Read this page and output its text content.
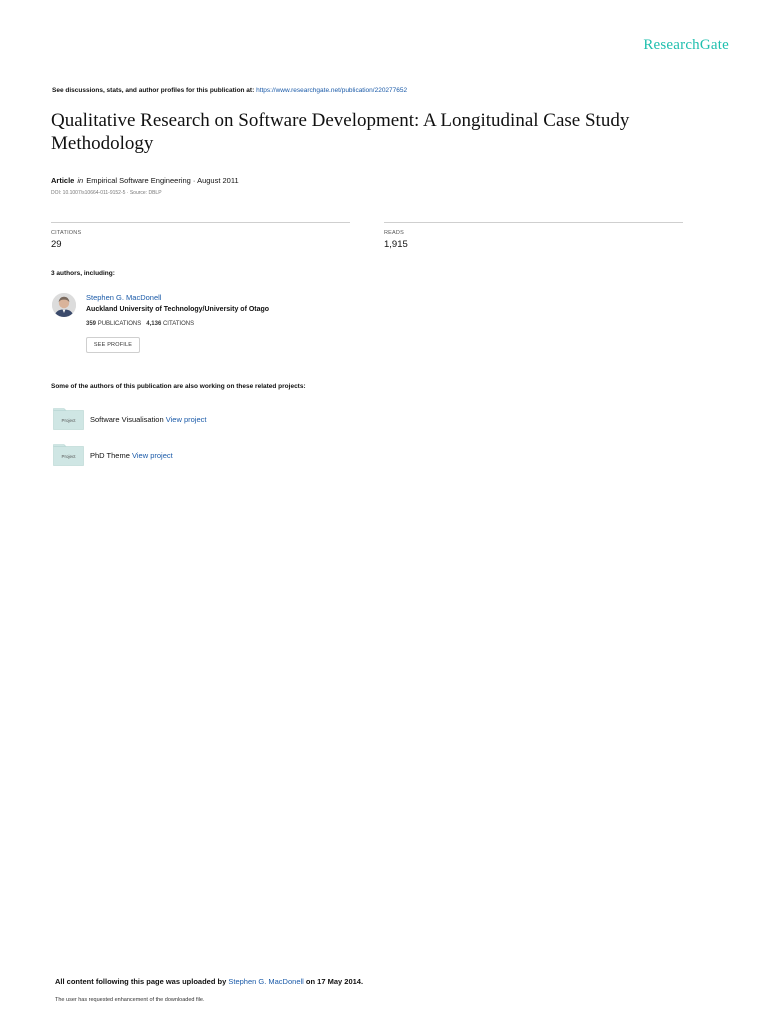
ResearchGate
See discussions, stats, and author profiles for this publication at: https://www.researchgate.net/publication/220277652
Qualitative Research on Software Development: A Longitudinal Case Study Methodology
Article in Empirical Software Engineering · August 2011
DOI: 10.1007/s10664-011-9152-5 · Source: DBLP
CITATIONS
29
READS
1,915
3 authors, including:
Stephen G. MacDonell
Auckland University of Technology/University of Otago
359 PUBLICATIONS 4,136 CITATIONS
SEE PROFILE
Some of the authors of this publication are also working on these related projects:
Project Software Visualisation View project
Project PhD Theme View project
All content following this page was uploaded by Stephen G. MacDonell on 17 May 2014.
The user has requested enhancement of the downloaded file.
